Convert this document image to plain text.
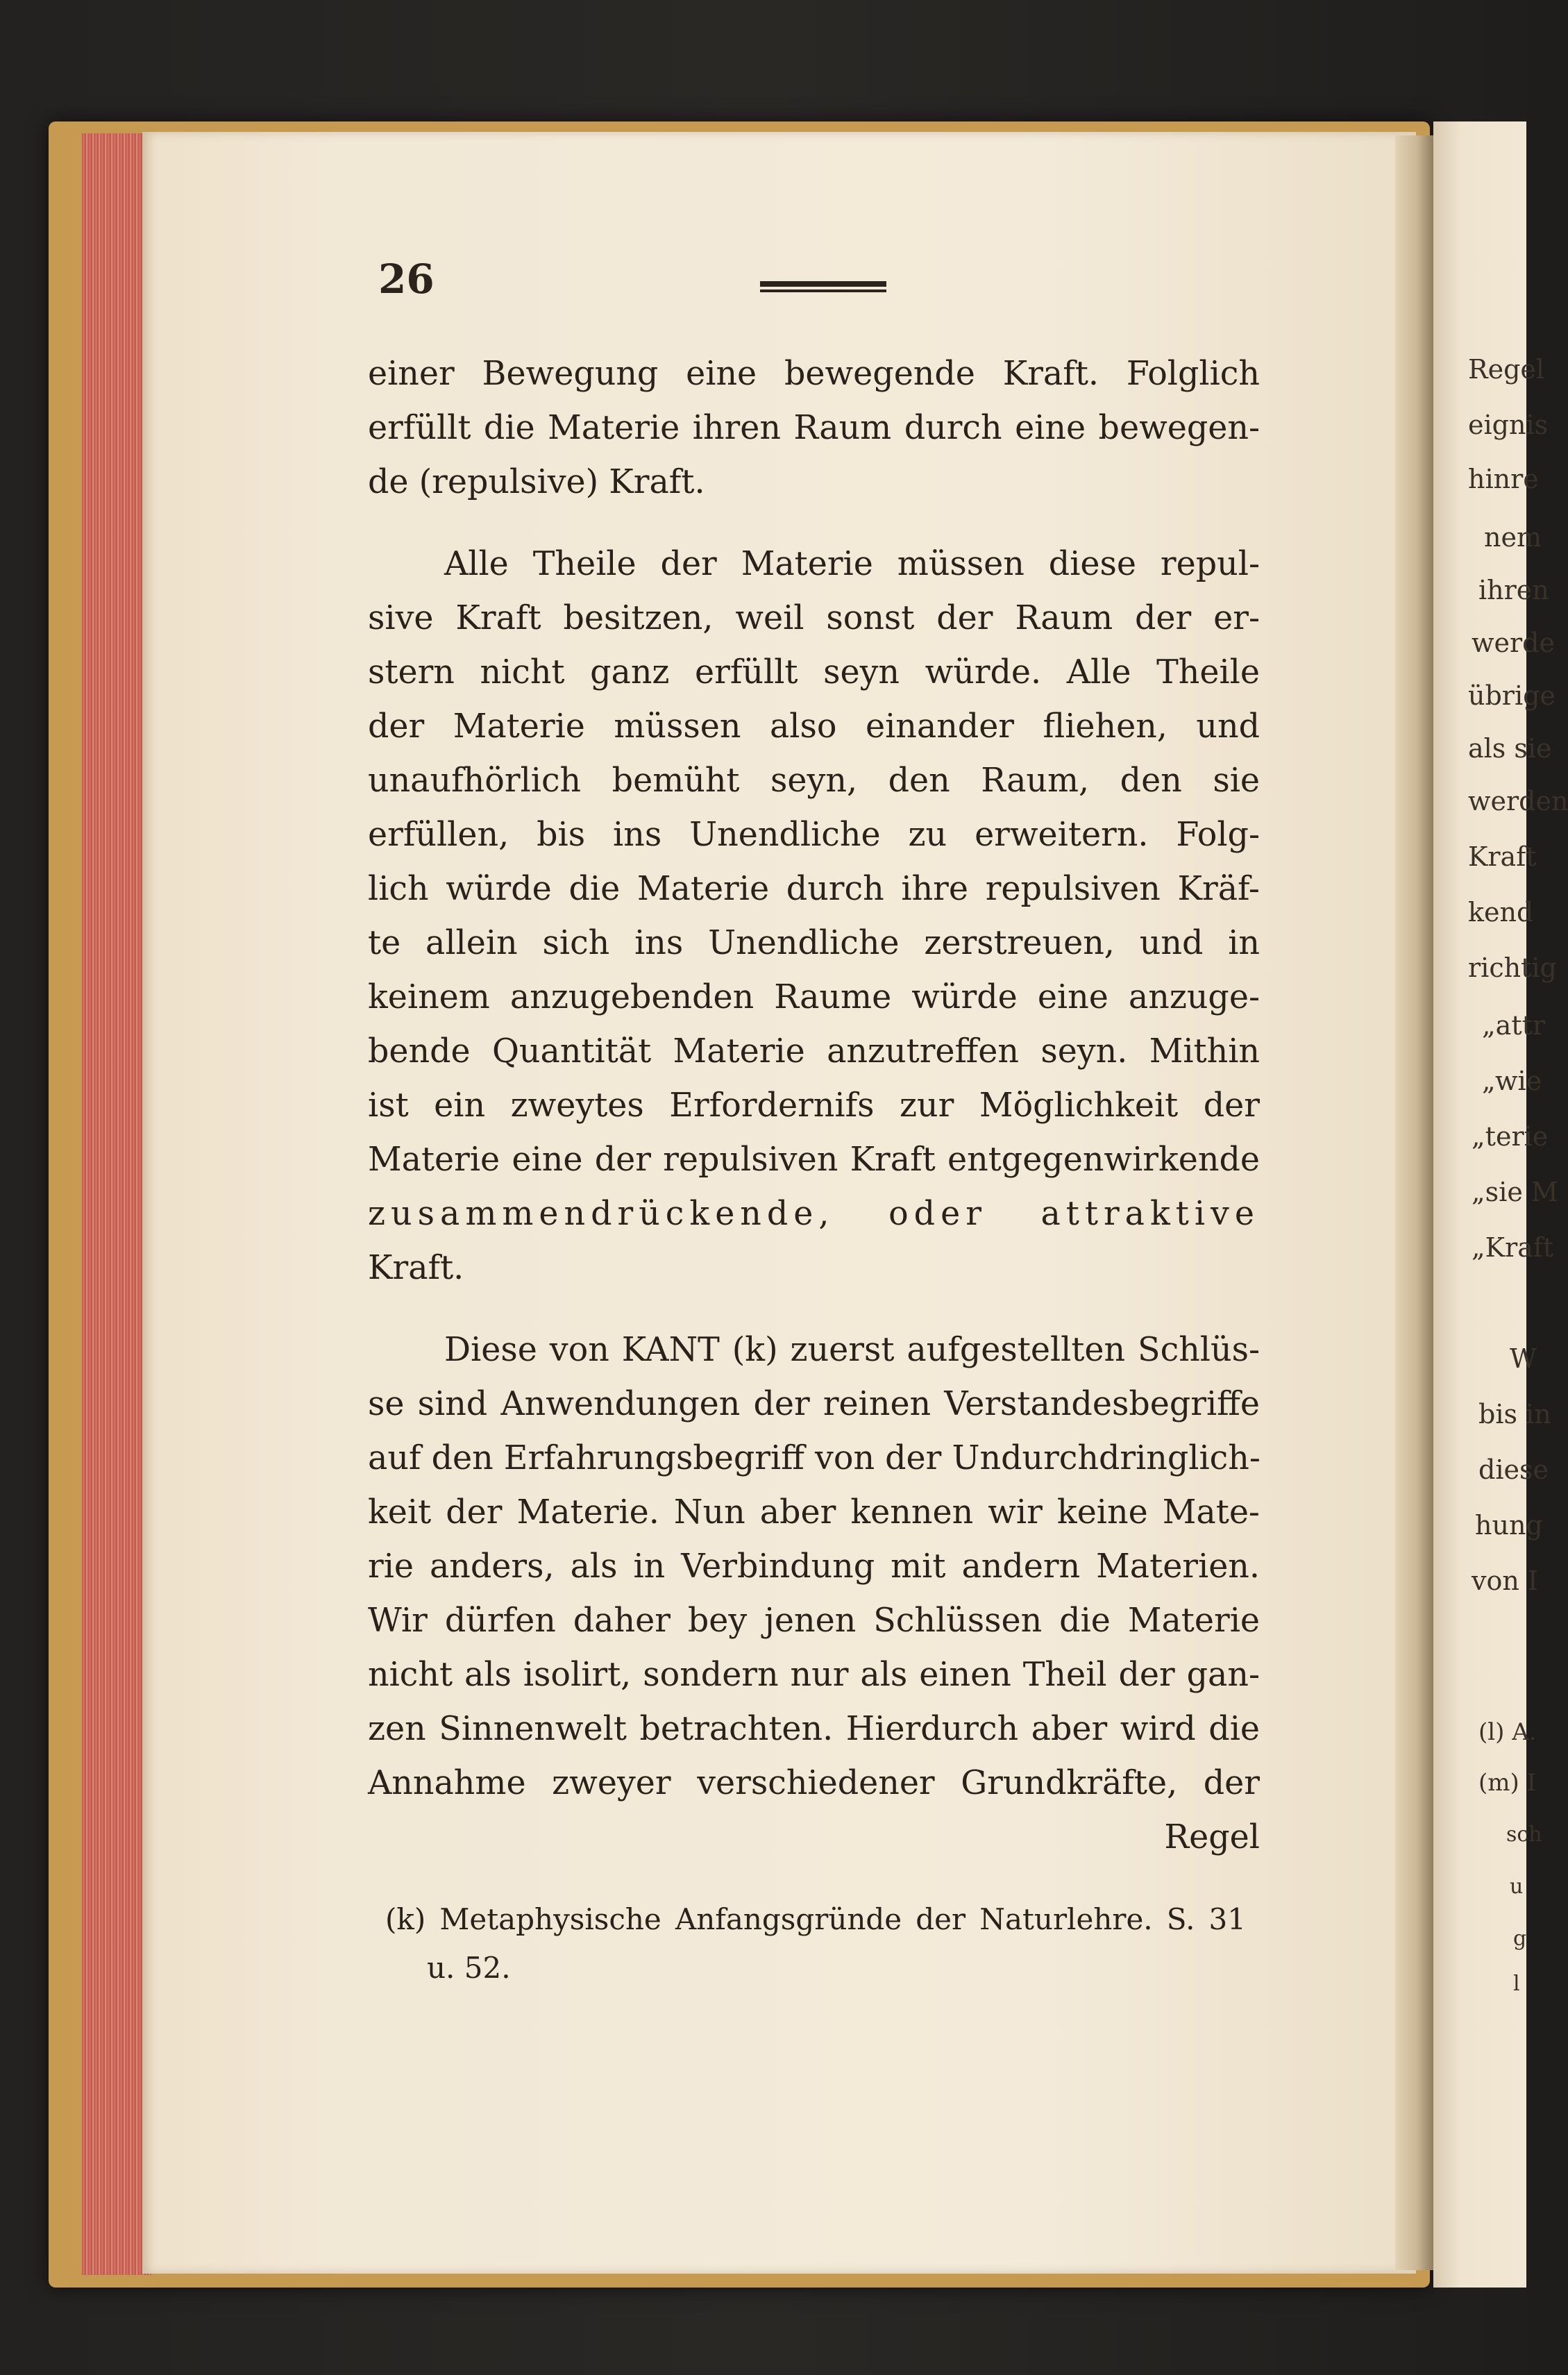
Regel
eignis
hinre
nem
ihren
werde
übrige
als sie
werden
Kraft
kend
richtig
„attr
„wie
„terie
„sie M
„Kraft
W
bis in
diese
hung
von I
(l) A.
(m) I
sch
u
g
l
26
einer Bewegung eine bewegende Kraft. Folglich
erfüllt die Materie ihren Raum durch eine bewegen-
de (repulsive) Kraft.
Alle Theile der Materie müssen diese repul-
sive Kraft besitzen, weil sonst der Raum der er-
stern nicht ganz erfüllt seyn würde. Alle Theile
der Materie müssen also einander fliehen, und
unaufhörlich bemüht seyn, den Raum, den sie
erfüllen, bis ins Unendliche zu erweitern. Folg-
lich würde die Materie durch ihre repulsiven Kräf-
te allein sich ins Unendliche zerstreuen, und in
keinem anzugebenden Raume würde eine anzuge-
bende Quantität Materie anzutreffen seyn. Mithin
ist ein zweytes Erfordernifs zur Möglichkeit der
Materie eine der repulsiven Kraft entgegenwirkende
zusammendrückende, oder attraktive
Kraft.
Diese von KANT (k) zuerst aufgestellten Schlüs-
se sind Anwendungen der reinen Verstandesbegriffe
auf den Erfahrungsbegriff von der Undurchdringlich-
keit der Materie. Nun aber kennen wir keine Mate-
rie anders, als in Verbindung mit andern Materien.
Wir dürfen daher bey jenen Schlüssen die Materie
nicht als isolirt, sondern nur als einen Theil der gan-
zen Sinnenwelt betrachten. Hierdurch aber wird die
Annahme zweyer verschiedener Grundkräfte, der
Regel
(k) Metaphysische Anfangsgründe der Naturlehre. S. 31
u. 52.
